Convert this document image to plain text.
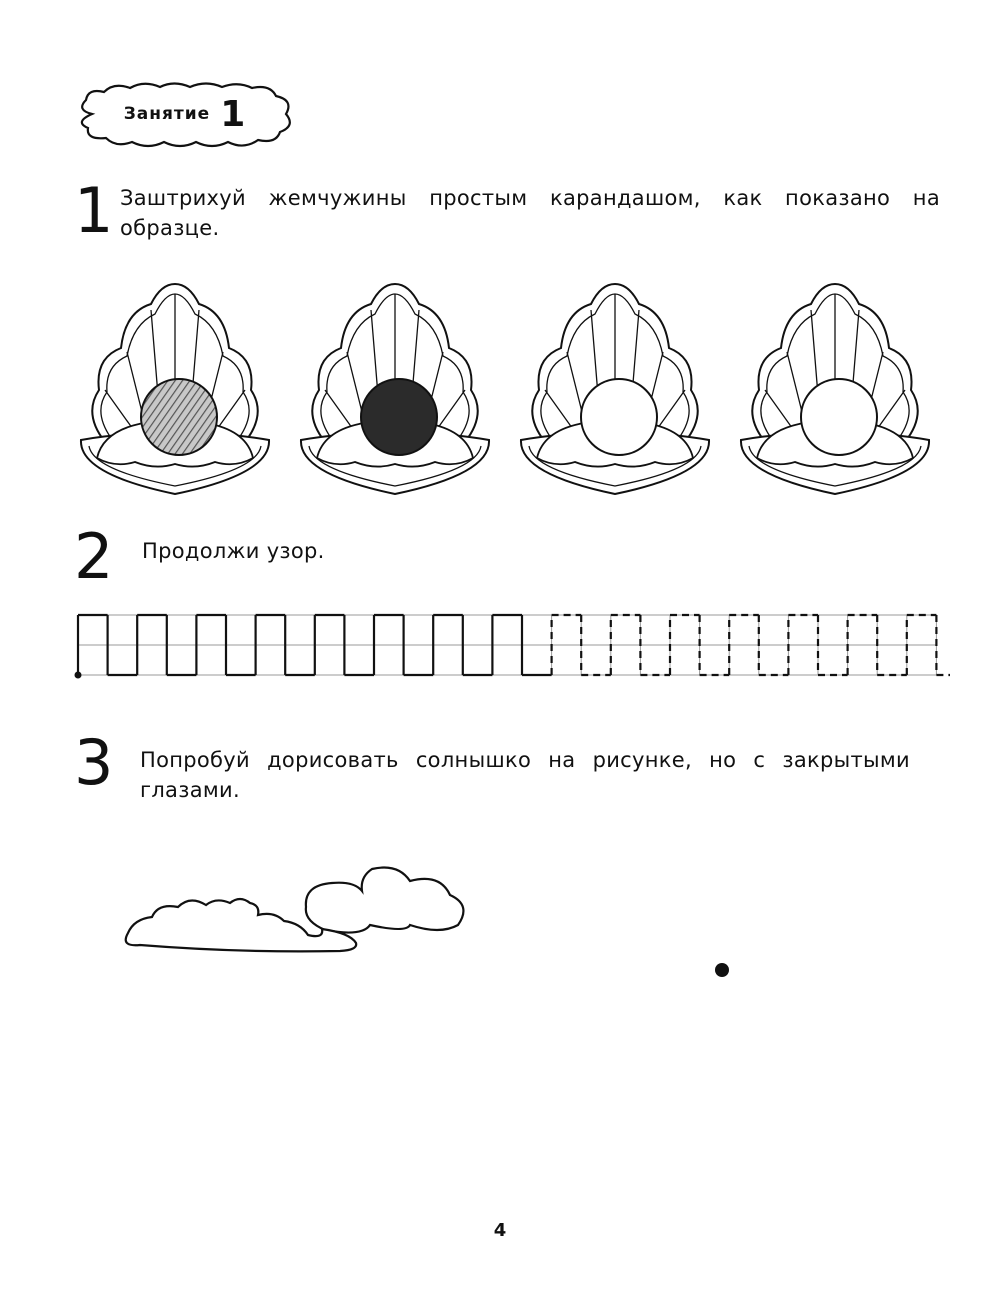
Занятие 1
1 Заштрихуй жемчужины простым карандашом, как показано на образце.
2 Продолжи узор.
3 Попробуй дорисовать солнышко на рисунке, но с закрытыми глазами.
4
